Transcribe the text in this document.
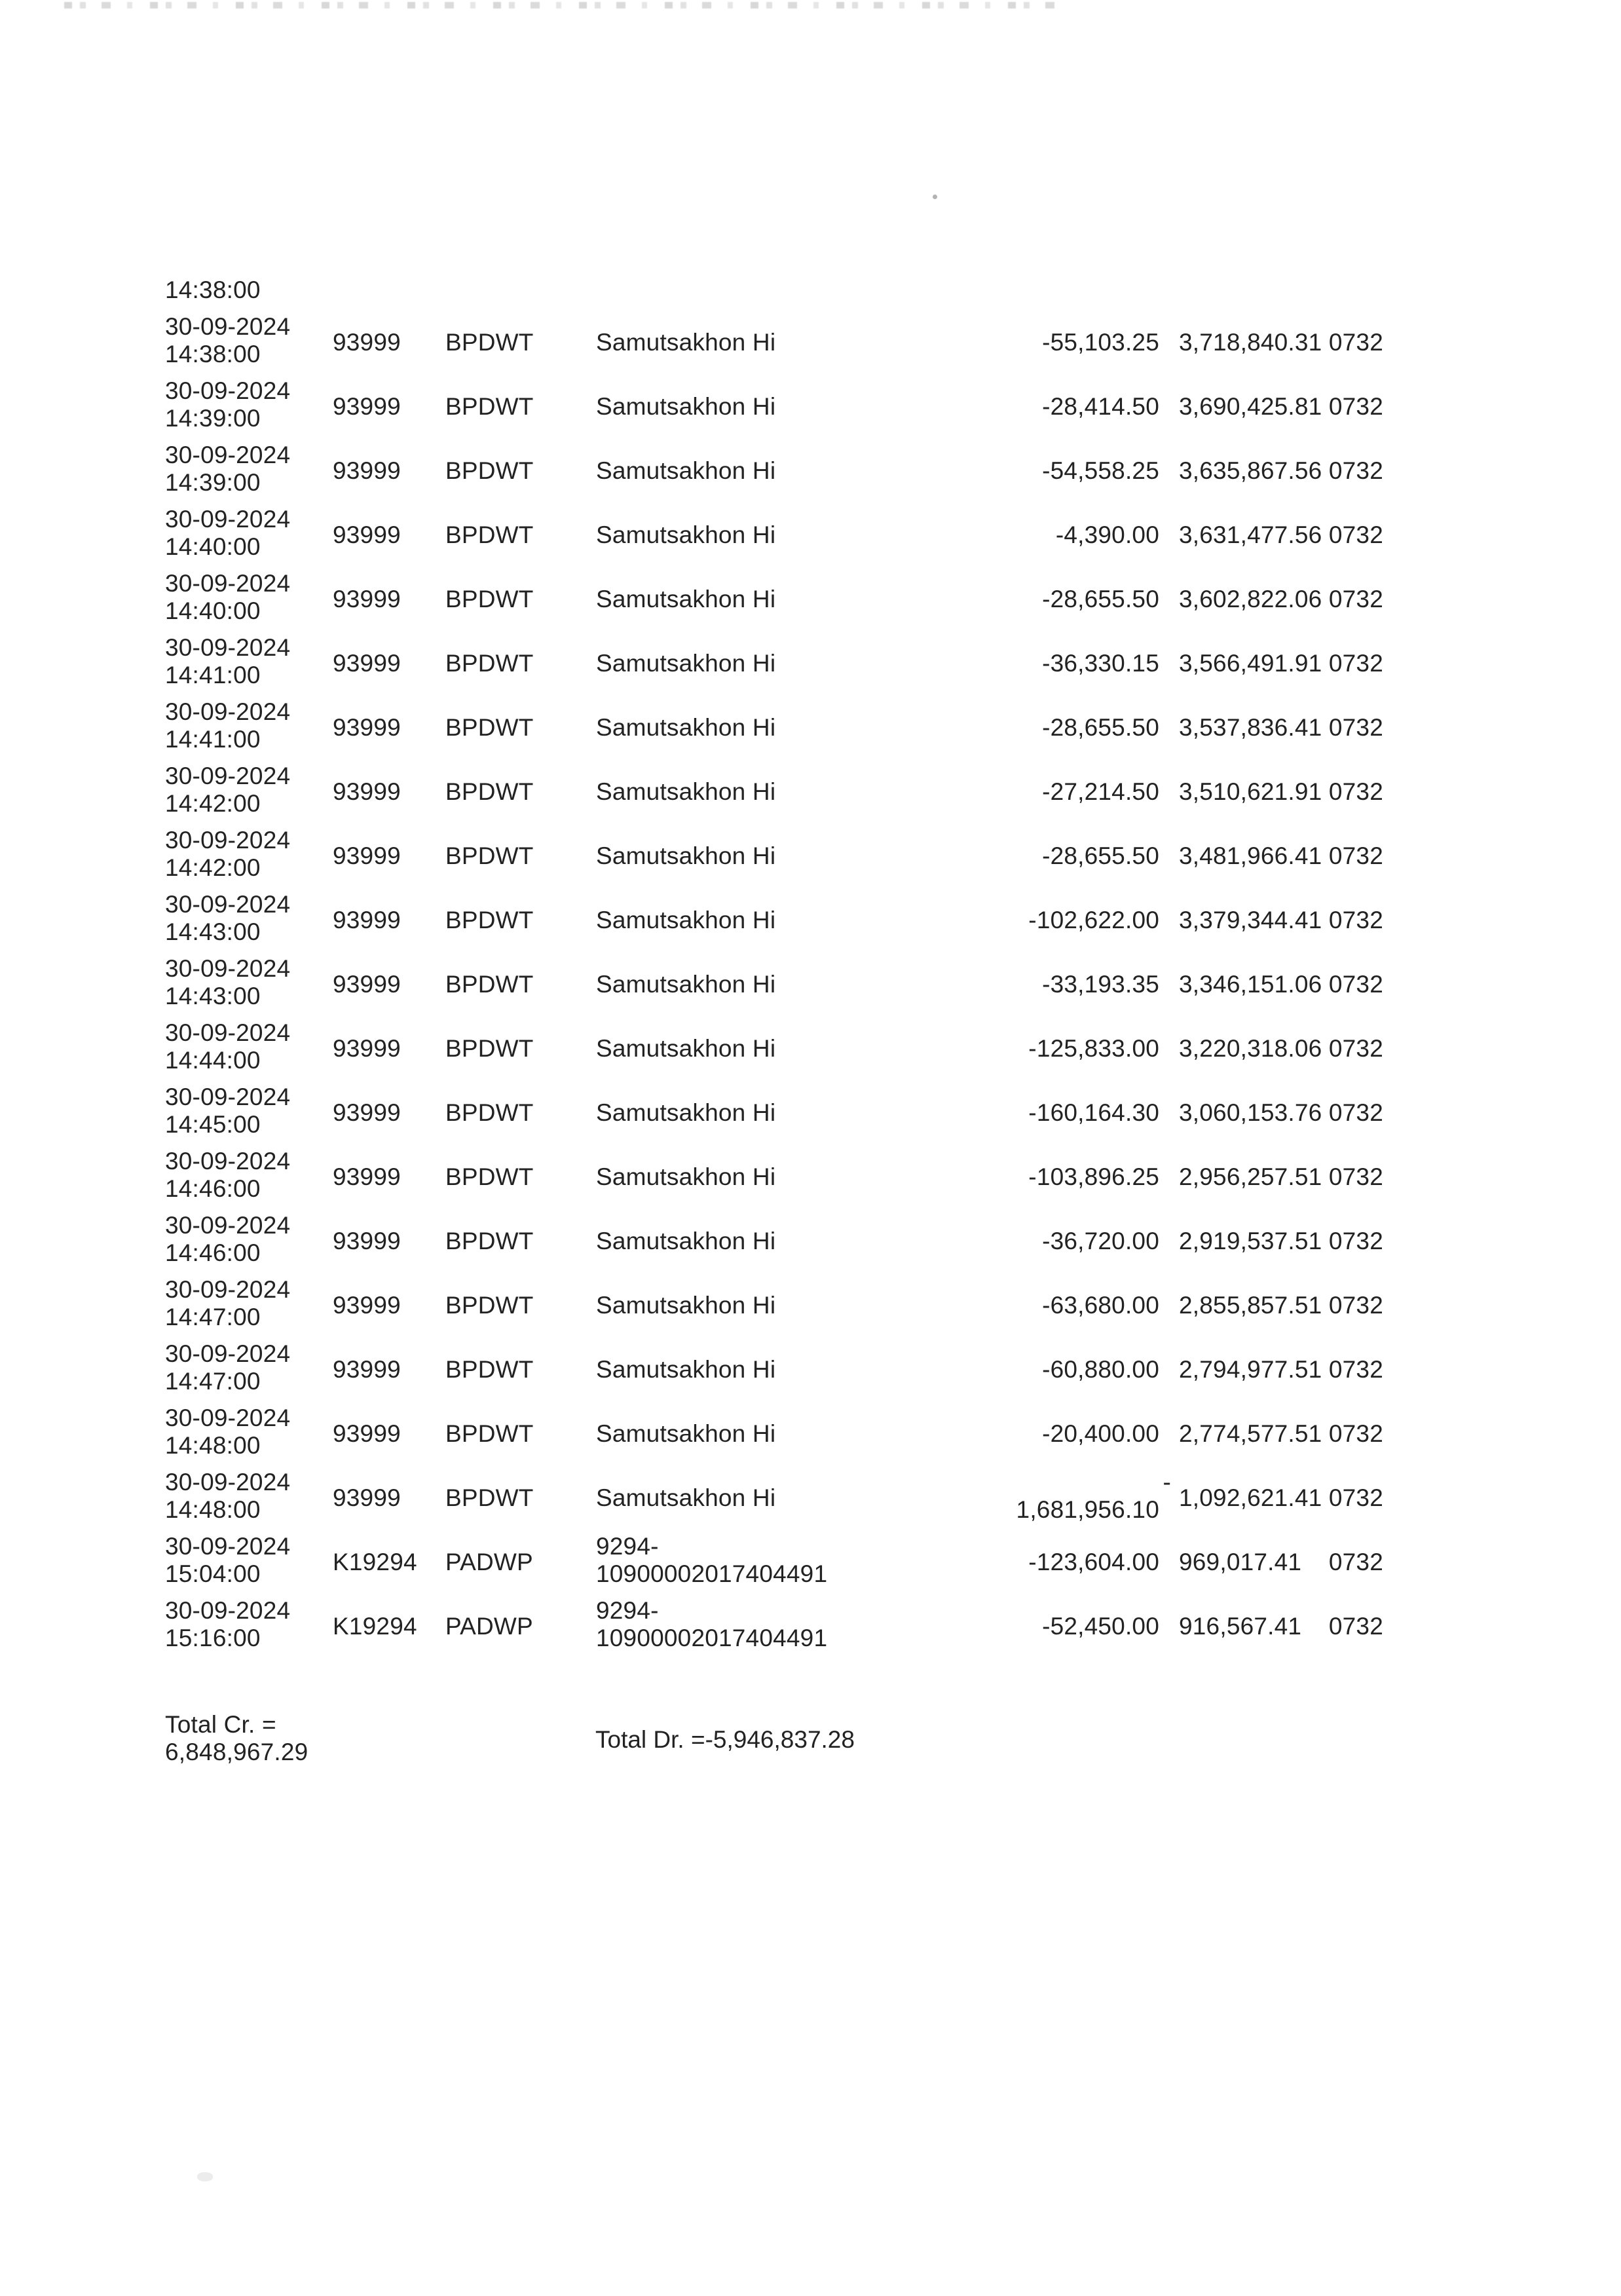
14:38:00
30-09-2024
14:38:00	93999	BPDWT	Samutsakhon Hi	-55,103.25 3,718,840.31 0732
30-09-2024
14:39:00	93999	BPDWT	Samutsakhon Hi	-28,414.50 3,690,425.81 0732
30-09-2024
14:39:00	93999	BPDWT	Samutsakhon Hi	-54,558.25 3,635,867.56 0732
30-09-2024
14:40:00	93999	BPDWT	Samutsakhon Hi	-4,390.00 3,631,477.56 0732
30-09-2024
14:40:00	93999	BPDWT	Samutsakhon Hi	-28,655.50 3,602,822.06 0732
30-09-2024
14:41:00	93999	BPDWT	Samutsakhon Hi	-36,330.15 3,566,491.91 0732
30-09-2024
14:41:00	93999	BPDWT	Samutsakhon Hi	-28,655.50 3,537,836.41 0732
30-09-2024
14:42:00	93999	BPDWT	Samutsakhon Hi	-27,214.50 3,510,621.91 0732
30-09-2024
14:42:00	93999	BPDWT	Samutsakhon Hi	-28,655.50 3,481,966.41 0732
30-09-2024
14:43:00	93999	BPDWT	Samutsakhon Hi	-102,622.00 3,379,344.41 0732
30-09-2024
14:43:00	93999	BPDWT	Samutsakhon Hi	-33,193.35 3,346,151.06 0732
30-09-2024
14:44:00	93999	BPDWT	Samutsakhon Hi	-125,833.00 3,220,318.06 0732
30-09-2024
14:45:00	93999	BPDWT	Samutsakhon Hi	-160,164.30 3,060,153.76 0732
30-09-2024
14:46:00	93999	BPDWT	Samutsakhon Hi	-103,896.25 2,956,257.51 0732
30-09-2024
14:46:00	93999	BPDWT	Samutsakhon Hi	-36,720.00 2,919,537.51 0732
30-09-2024
14:47:00	93999	BPDWT	Samutsakhon Hi	-63,680.00 2,855,857.51 0732
30-09-2024
14:47:00	93999	BPDWT	Samutsakhon Hi	-60,880.00 2,794,977.51 0732
30-09-2024
14:48:00	93999	BPDWT	Samutsakhon Hi	-20,400.00 2,774,577.51 0732
30-09-2024
14:48:00	93999	BPDWT	Samutsakhon Hi
-
1,681,956.10 1,092,621.41 0732
30-09-2024
15:04:00	K19294	PADWP
9294-
10900002017404491	-123,604.00 969,017.41	0732
30-09-2024
15:16:00	K19294	PADWP
9294-
10900002017404491	-52,450.00 916,567.41	0732
Total Cr. =
6,848,967.29	Total Dr. =-5,946,837.28
